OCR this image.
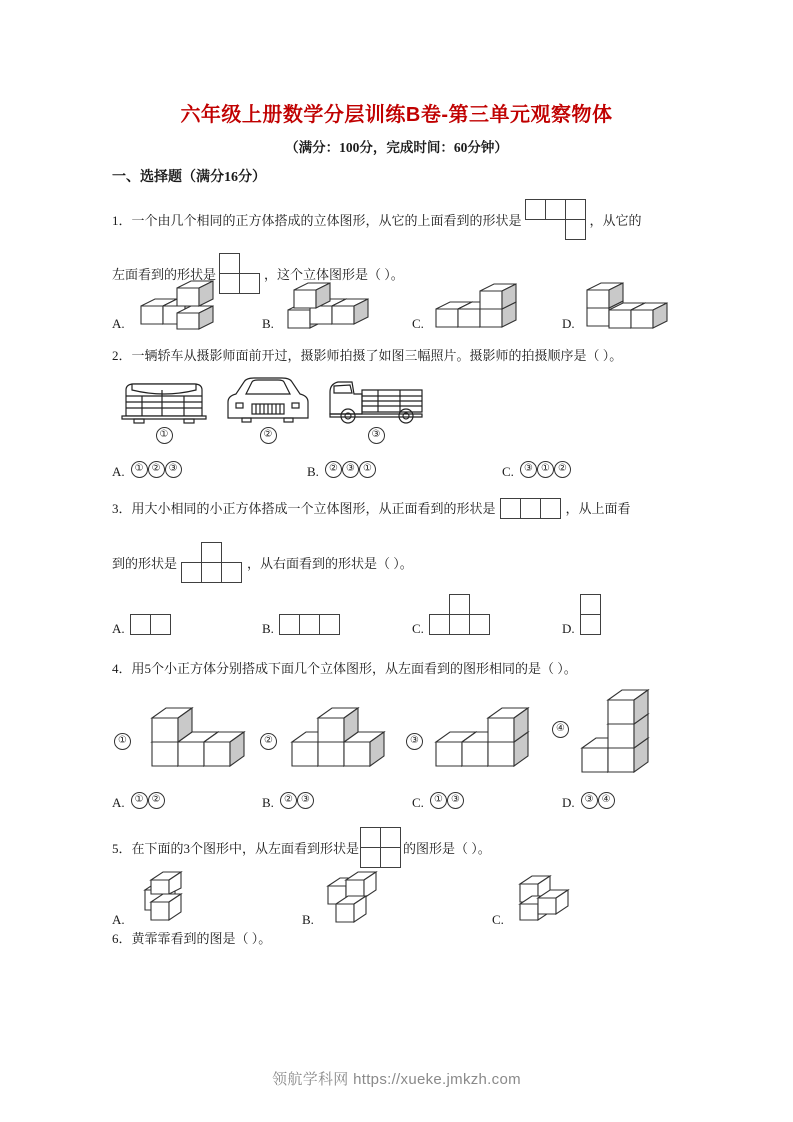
六年级上册数学分层训练B卷-第三单元观察物体
（满分：100分，完成时间：60分钟）
一、选择题（满分16分）
1．一个由几个相同的正方体搭成的立体图形，从它的上面看到的形状是	，从它的
左面看到的形状是	，这个立体图形是（ ）。
A.	B.	C.	D.
2．一辆轿车从摄影师面前开过，摄影师拍摄了如图三幅照片。摄影师的拍摄顺序是（ ）。
①	②	③
A.	① ② ③	B.	② ③ ①	C.	③ ① ②
3．用大小相同的小正方体搭成一个立体图形，从正面看到的形状是	，从上面看
到的形状是	，从右面看到的形状是（ ）。
A.	B.	C.	D.
4．用5个小正方体分别搭成下面几个立体图形，从左面看到的图形相同的是（ ）。
①	②	③
④
A.	① ②	B.	② ③	C.	① ③	D.	③ ④
5．在下面的3个图形中，从左面看到形状是	的图形是（ ）。
A.	B.	C.
6．黄霏霏看到的图是（ ）。
领航学科网 https://xueke.jmkzh.com
